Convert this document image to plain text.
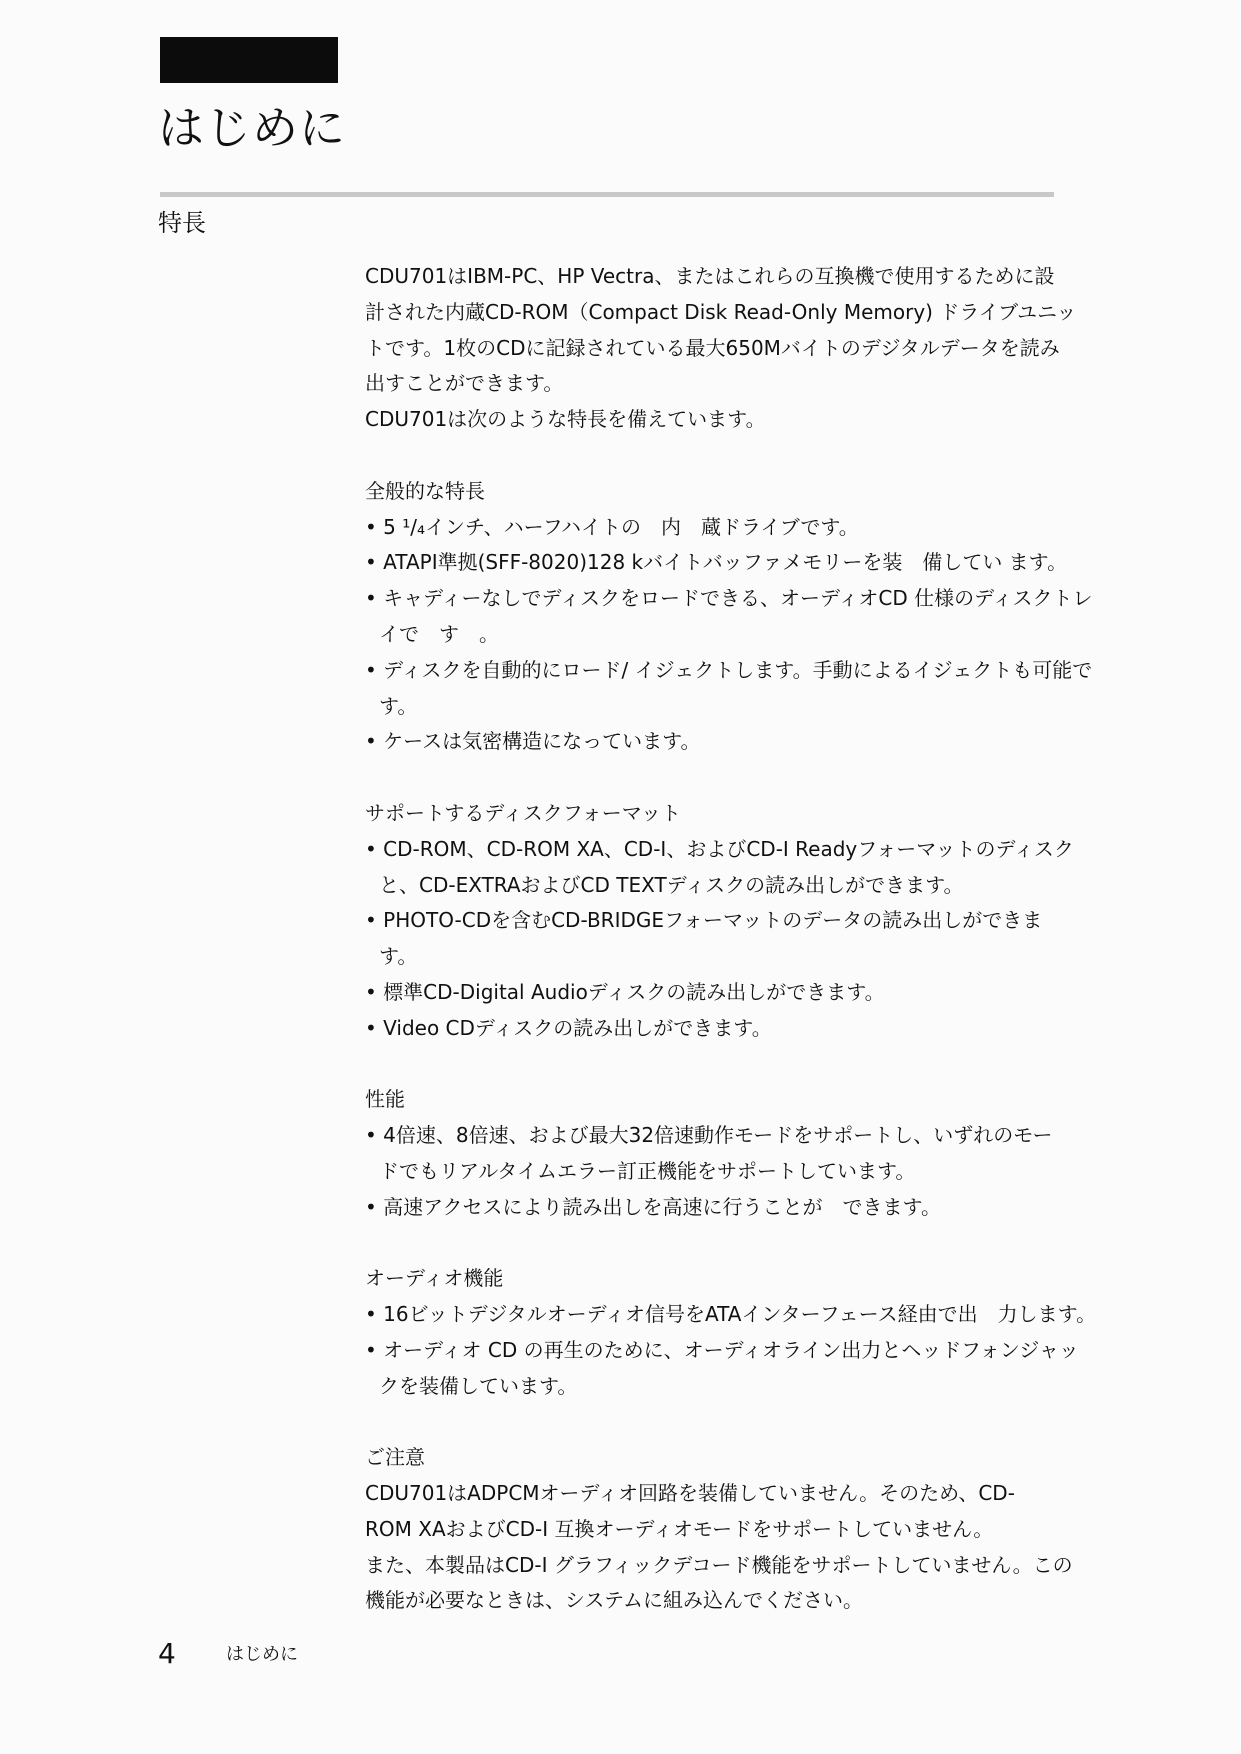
はじめに
特長
CDU701はIBM-PC、HP Vectra、またはこれらの互換機で使用するために設
計された内蔵CD-ROM（Compact Disk Read-Only Memory) ドライブユニッ
トです。1枚のCDに記録されている最大650Mバイトのデジタルデータを読み
出すことができます。
CDU701は次のような特長を備えています。
全般的な特長
• 5 ¹/₄インチ、ハーフハイトの　内　蔵ドライブです。
• ATAPI準拠(SFF-8020)128 kバイトバッファメモリーを装　備してい ます。
• キャディーなしでディスクをロードできる、オーディオCD 仕様のディスクトレ
イで　す　。
• ディスクを自動的にロード/ イジェクトします。手動によるイジェクトも可能で
す。
• ケースは気密構造になっています。
サポートするディスクフォーマット
• CD-ROM、CD-ROM XA、CD-I、およびCD-I Readyフォーマットのディスク
と、CD-EXTRAおよびCD TEXTディスクの読み出しができます。
• PHOTO-CDを含むCD-BRIDGEフォーマットのデータの読み出しができま
す。
• 標準CD-Digital Audioディスクの読み出しができます。
• Video CDディスクの読み出しができます。
性能
• 4倍速、8倍速、および最大32倍速動作モードをサポートし、いずれのモー
ドでもリアルタイムエラー訂正機能をサポートしています。
• 高速アクセスにより読み出しを高速に行うことが　できます。
オーディオ機能
• 16ビットデジタルオーディオ信号をATAインターフェース経由で出　力します。
• オーディオ CD の再生のために、オーディオライン出力とヘッドフォンジャッ
クを装備しています。
ご注意
CDU701はADPCMオーディオ回路を装備していません。そのため、CD-
ROM XAおよびCD-I 互換オーディオモードをサポートしていません。
また、本製品はCD-I グラフィックデコード機能をサポートしていません。この
機能が必要なときは、システムに組み込んでください。
4	はじめに
